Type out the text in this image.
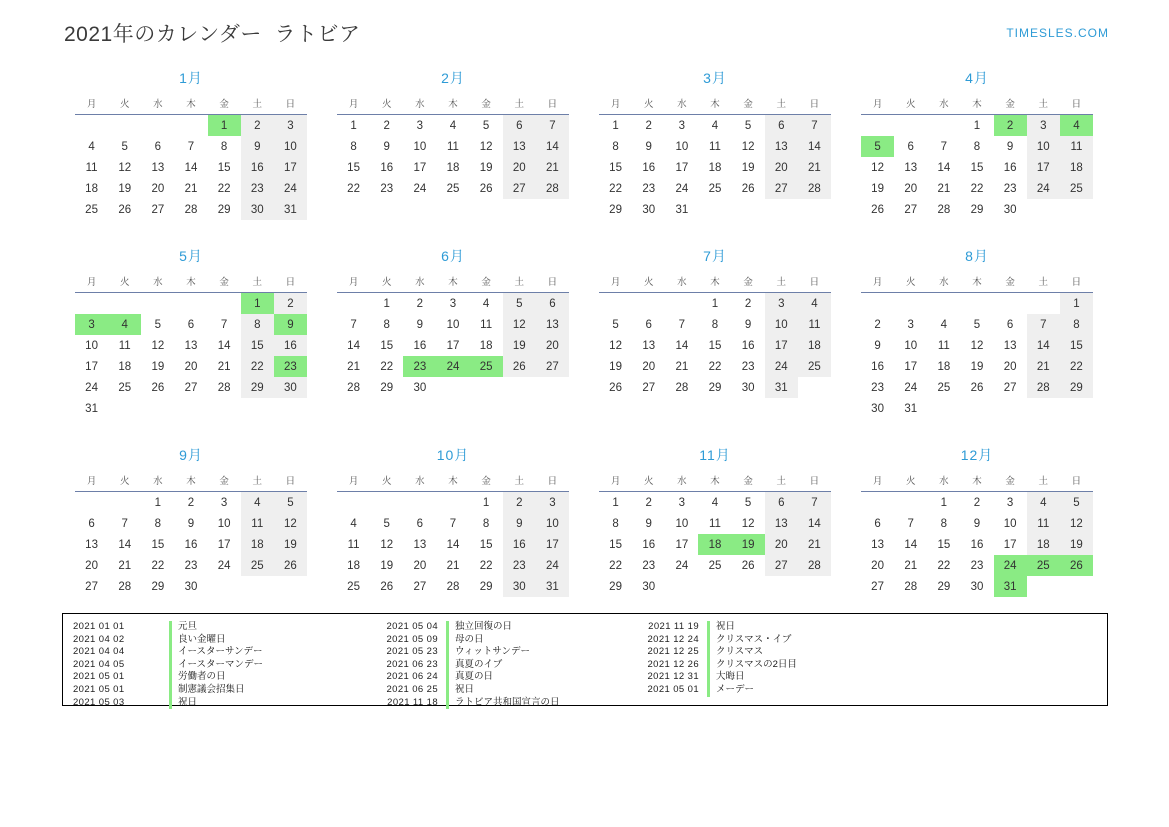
2021年のカレンダー  ラトビア	TIMESLES.COM
1月
月	火	水	木	金	土	日
				1	2	3
4	5	6	7	8	9	10
11	12	13	14	15	16	17
18	19	20	21	22	23	24
25	26	27	28	29	30	31
2月
月	火	水	木	金	土	日
1	2	3	4	5	6	7
8	9	10	11	12	13	14
15	16	17	18	19	20	21
22	23	24	25	26	27	28
3月
月	火	水	木	金	土	日
1	2	3	4	5	6	7
8	9	10	11	12	13	14
15	16	17	18	19	20	21
22	23	24	25	26	27	28
29	30	31				
4月
月	火	水	木	金	土	日
			1	2	3	4
5	6	7	8	9	10	11
12	13	14	15	16	17	18
19	20	21	22	23	24	25
26	27	28	29	30		
5月
月	火	水	木	金	土	日
					1	2
3	4	5	6	7	8	9
10	11	12	13	14	15	16
17	18	19	20	21	22	23
24	25	26	27	28	29	30
31						
6月
月	火	水	木	金	土	日
	1	2	3	4	5	6
7	8	9	10	11	12	13
14	15	16	17	18	19	20
21	22	23	24	25	26	27
28	29	30				
7月
月	火	水	木	金	土	日
			1	2	3	4
5	6	7	8	9	10	11
12	13	14	15	16	17	18
19	20	21	22	23	24	25
26	27	28	29	30	31	
8月
月	火	水	木	金	土	日
						1
2	3	4	5	6	7	8
9	10	11	12	13	14	15
16	17	18	19	20	21	22
23	24	25	26	27	28	29
30	31					
9月
月	火	水	木	金	土	日
		1	2	3	4	5
6	7	8	9	10	11	12
13	14	15	16	17	18	19
20	21	22	23	24	25	26
27	28	29	30			
10月
月	火	水	木	金	土	日
				1	2	3
4	5	6	7	8	9	10
11	12	13	14	15	16	17
18	19	20	21	22	23	24
25	26	27	28	29	30	31
11月
月	火	水	木	金	土	日
1	2	3	4	5	6	7
8	9	10	11	12	13	14
15	16	17	18	19	20	21
22	23	24	25	26	27	28
29	30					
12月
月	火	水	木	金	土	日
		1	2	3	4	5
6	7	8	9	10	11	12
13	14	15	16	17	18	19
20	21	22	23	24	25	26
27	28	29	30	31		
2021 01 01	元旦
2021 04 02	良い金曜日
2021 04 04	イースターサンデー
2021 04 05	イースターマンデー
2021 05 01	労働者の日
2021 05 01	制憲議会招集日
2021 05 03	祝日
2021 05 04	独立回復の日
2021 05 09	母の日
2021 05 23	ウィットサンデー
2021 06 23	真夏のイブ
2021 06 24	真夏の日
2021 06 25	祝日
2021 11 18	ラトビア共和国宣言の日
2021 11 19	祝日
2021 12 24	クリスマス・イブ
2021 12 25	クリスマス
2021 12 26	クリスマスの2日目
2021 12 31	大晦日
2021 05 01	メーデー
